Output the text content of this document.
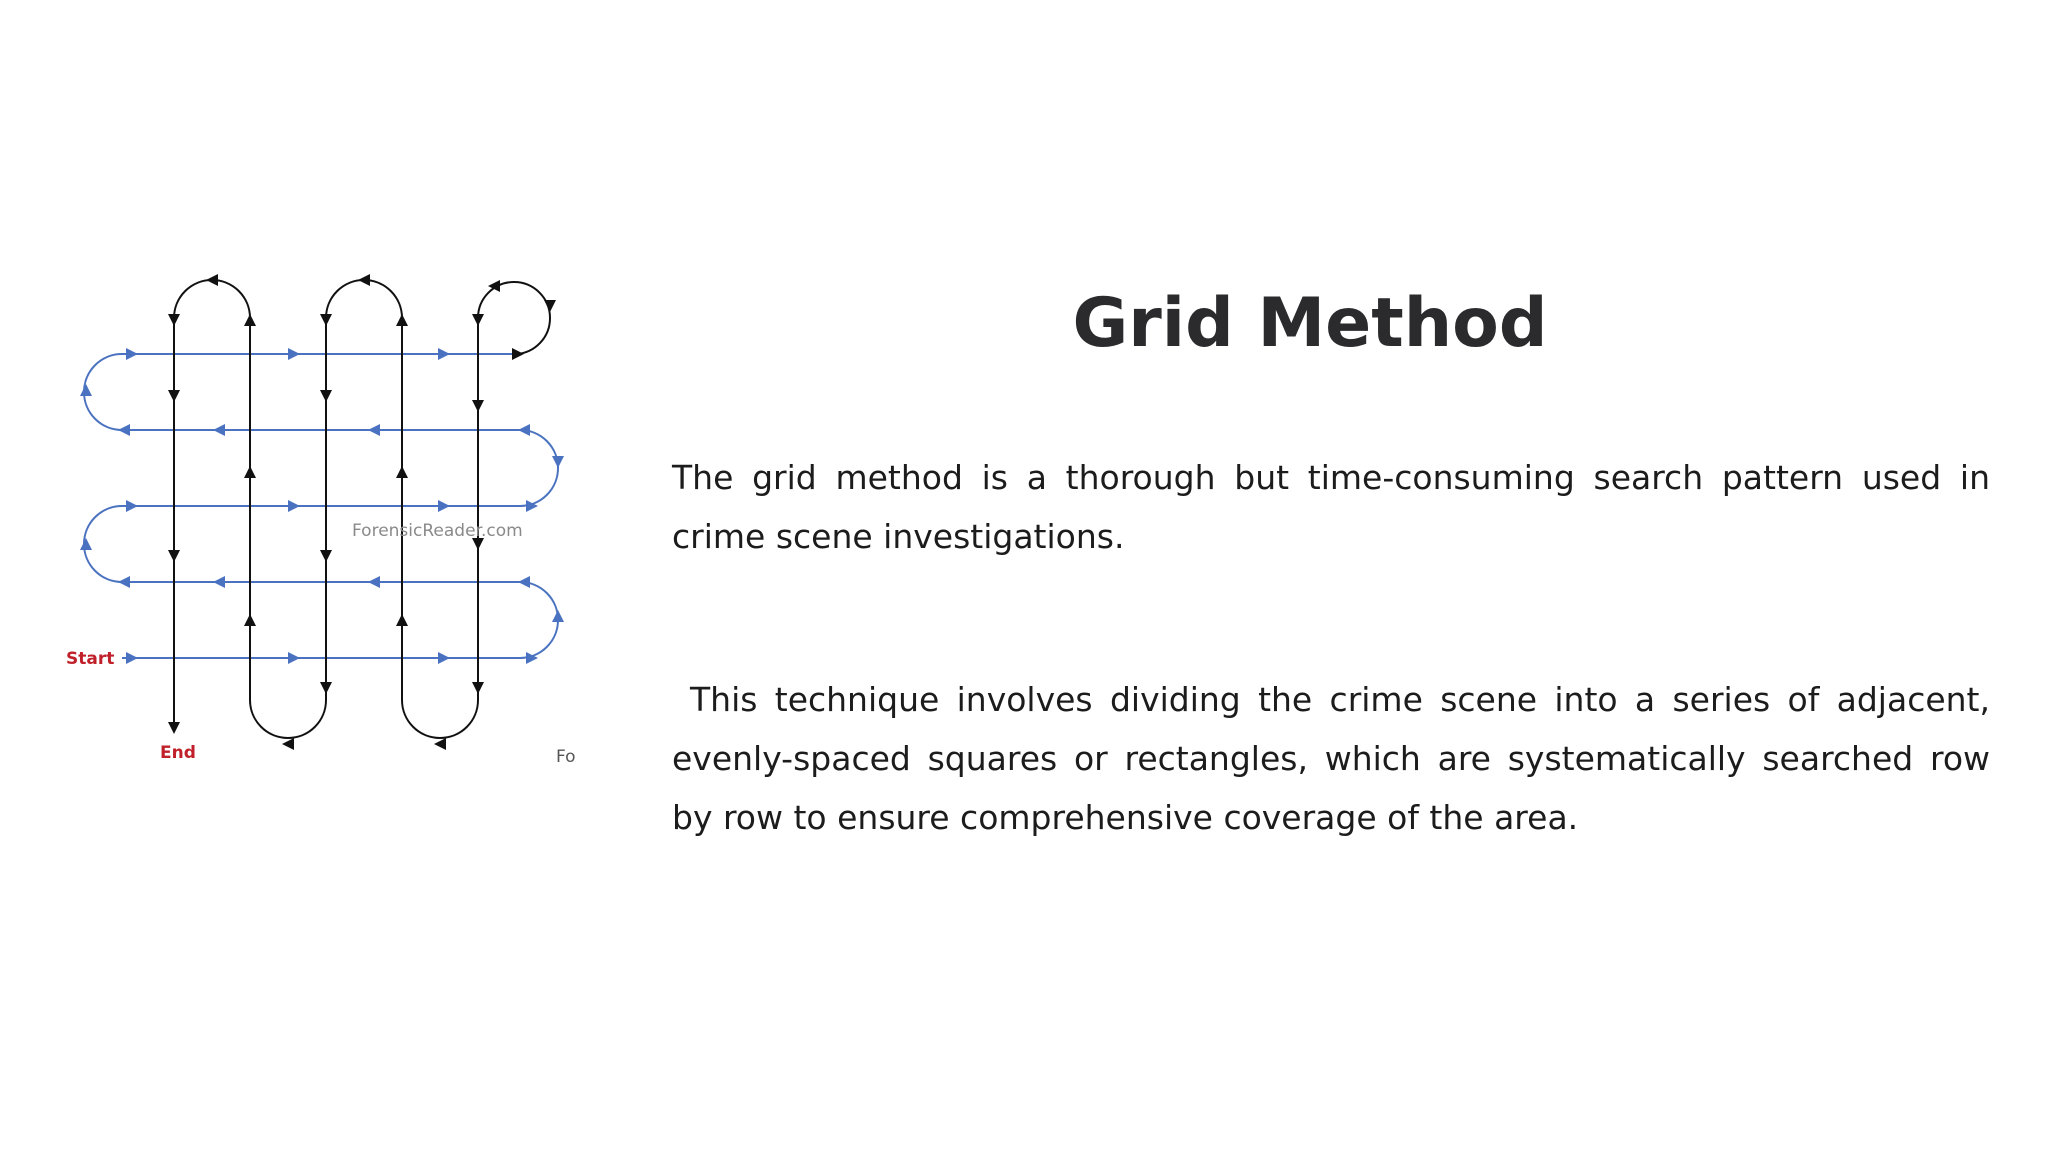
ForensicReader.com
Start
End	Fo
Grid Method

The grid method is a thorough but time-consuming search pattern used in crime scene investigations.

This technique involves dividing the crime scene into a series of adjacent, evenly-spaced squares or rectangles, which are systematically searched row by row to ensure comprehensive coverage of the area.
